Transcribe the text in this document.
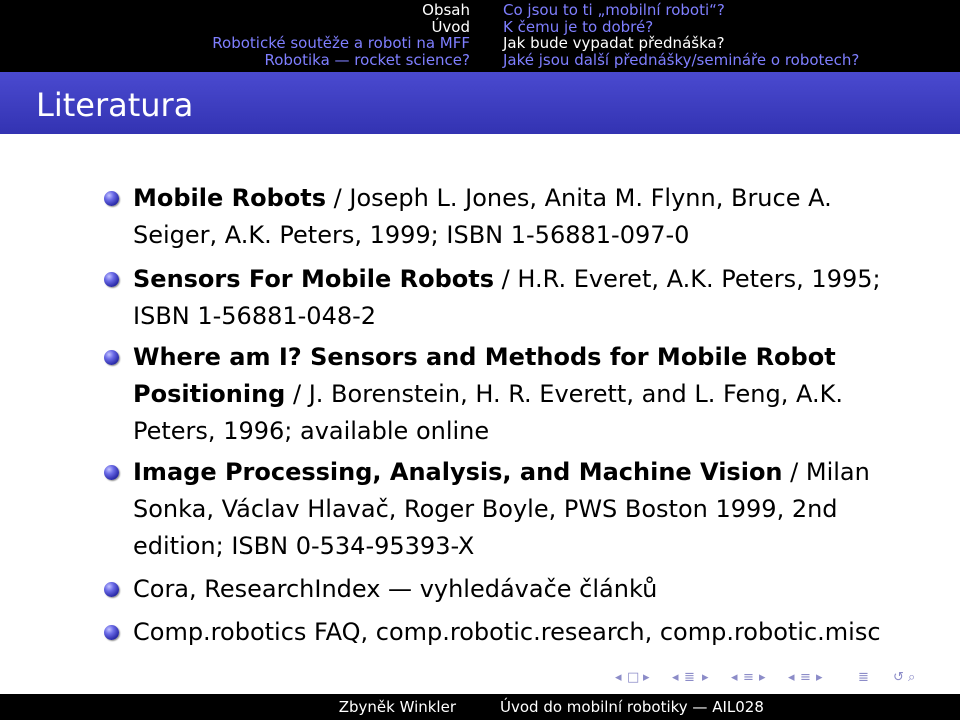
Obsah
Úvod
Robotické soutěže a roboti na MFF
Robotika — rocket science?
Co jsou to ti „mobilní roboti“?
K čemu je to dobré?
Jak bude vypadat přednáška?
Jaké jsou další přednášky/semináře o robotech?
Literatura
Mobile Robots / Joseph L. Jones, Anita M. Flynn, Bruce A. Seiger, A.K. Peters, 1999; ISBN 1-56881-097-0
Sensors For Mobile Robots / H.R. Everet, A.K. Peters, 1995; ISBN 1-56881-048-2
Where am I? Sensors and Methods for Mobile Robot Positioning / J. Borenstein, H. R. Everett, and L. Feng, A.K. Peters, 1996; available online
Image Processing, Analysis, and Machine Vision / Milan Sonka, Václav Hlavač, Roger Boyle, PWS Boston 1999, 2nd edition; ISBN 0-534-95393-X
Cora, ResearchIndex — vyhledávače článků
Comp.robotics FAQ, comp.robotic.research, comp.robotic.misc
◂ □ ▸ ◂ ≣ ▸ ◂ ≡ ▸ ◂ ≡ ▸	≣ ↺ ⌕
Zbyněk Winkler	Úvod do mobilní robotiky — AIL028
